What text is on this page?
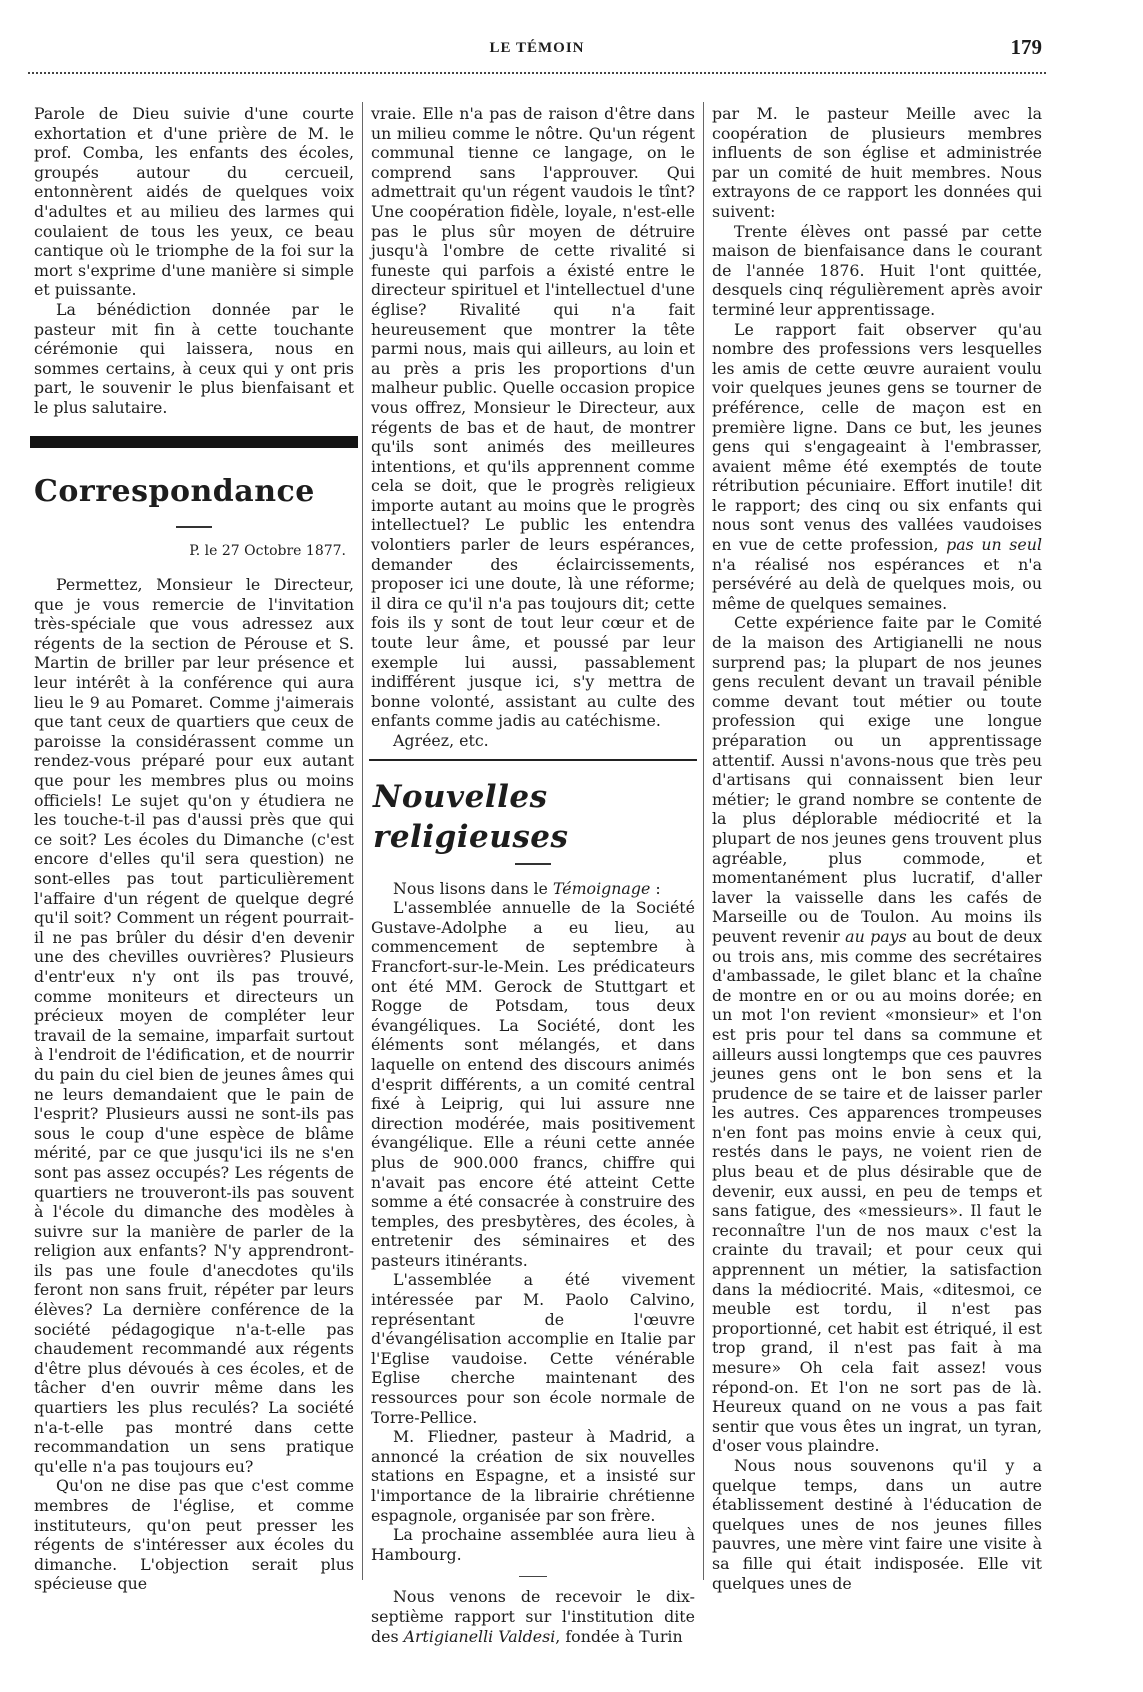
LE TÉMOIN	179

Parole de Dieu suivie d'une courte exhortation et d'une prière de M. le prof. Comba, les enfants des écoles, groupés autour du cercueil, entonnèrent aidés de quelques voix d'adultes et au milieu des larmes qui coulaient de tous les yeux, ce beau cantique où le triomphe de la foi sur la mort s'exprime d'une manière si simple et puissante.

La bénédiction donnée par le pasteur mit fin à cette touchante cérémonie qui laissera, nous en sommes certains, à ceux qui y ont pris part, le souvenir le plus bienfaisant et le plus salutaire.

Correspondance

P. le 27 Octobre 1877.

Permettez, Monsieur le Directeur, que je vous remercie de l'invitation très-spéciale que vous adressez aux régents de la section de Pérouse et S. Martin de briller par leur présence et leur intérêt à la conférence qui aura lieu le 9 au Pomaret. Comme j'aimerais que tant ceux de quartiers que ceux de paroisse la considérassent comme un rendez-vous préparé pour eux autant que pour les membres plus ou moins officiels! Le sujet qu'on y étudiera ne les touche-t-il pas d'aussi près que qui ce soit? Les écoles du Dimanche (c'est encore d'elles qu'il sera question) ne sont-elles pas tout particulièrement l'affaire d'un régent de quelque degré qu'il soit? Comment un régent pourrait-il ne pas brûler du désir d'en devenir une des chevilles ouvrières? Plusieurs d'entr'eux n'y ont ils pas trouvé, comme moniteurs et directeurs un précieux moyen de compléter leur travail de la semaine, imparfait surtout à l'endroit de l'édification, et de nourrir du pain du ciel bien de jeunes âmes qui ne leurs demandaient que le pain de l'esprit? Plusieurs aussi ne sont-ils pas sous le coup d'une espèce de blâme mérité, par ce que jusqu'ici ils ne s'en sont pas assez occupés? Les régents de quartiers ne trouveront-ils pas souvent à l'école du dimanche des modèles à suivre sur la manière de parler de la religion aux enfants? N'y apprendront-ils pas une foule d'anecdotes qu'ils feront non sans fruit, répéter par leurs élèves? La dernière conférence de la société pédagogique n'a-t-elle pas chaudement recommandé aux régents d'être plus dévoués à ces écoles, et de tâcher d'en ouvrir même dans les quartiers les plus reculés? La société n'a-t-elle pas montré dans cette recommandation un sens pratique qu'elle n'a pas toujours eu?

Qu'on ne dise pas que c'est comme membres de l'église, et comme instituteurs, qu'on peut presser les régents de s'intéresser aux écoles du dimanche. L'objection serait plus spécieuse que

vraie. Elle n'a pas de raison d'être dans un milieu comme le nôtre. Qu'un régent communal tienne ce langage, on le comprend sans l'approuver. Qui admettrait qu'un régent vaudois le tînt? Une coopération fidèle, loyale, n'est-elle pas le plus sûr moyen de détruire jusqu'à l'ombre de cette rivalité si funeste qui parfois a éxisté entre le directeur spirituel et l'intellectuel d'une église? Rivalité qui n'a fait heureusement que montrer la tête parmi nous, mais qui ailleurs, au loin et au près a pris les proportions d'un malheur public. Quelle occasion propice vous offrez, Monsieur le Directeur, aux régents de bas et de haut, de montrer qu'ils sont animés des meilleures intentions, et qu'ils apprennent comme cela se doit, que le progrès religieux importe autant au moins que le progrès intellectuel? Le public les entendra volontiers parler de leurs espérances, demander des éclaircissements, proposer ici une doute, là une réforme; il dira ce qu'il n'a pas toujours dit; cette fois ils y sont de tout leur cœur et de toute leur âme, et poussé par leur exemple lui aussi, passablement indifférent jusque ici, s'y mettra de bonne volonté, assistant au culte des enfants comme jadis au catéchisme.

Agréez, etc.

Nouvelles religieuses

Nous lisons dans le Témoignage :

L'assemblée annuelle de la Société Gustave-Adolphe a eu lieu, au commencement de septembre à Francfort-sur-le-Mein. Les prédicateurs ont été MM. Gerock de Stuttgart et Rogge de Potsdam, tous deux évangéliques. La Société, dont les éléments sont mélangés, et dans laquelle on entend des discours animés d'esprit différents, a un comité central fixé à Leiprig, qui lui assure nne direction modérée, mais positivement évangélique. Elle a réuni cette année plus de 900.000 francs, chiffre qui n'avait pas encore été atteint Cette somme a été consacrée à construire des temples, des presbytères, des écoles, à entretenir des séminaires et des pasteurs itinérants.

L'assemblée a été vivement intéressée par M. Paolo Calvino, représentant de l'œuvre d'évangélisation accomplie en Italie par l'Eglise vaudoise. Cette vénérable Eglise cherche maintenant des ressources pour son école normale de Torre-Pellice.

M. Fliedner, pasteur à Madrid, a annoncé la création de six nouvelles stations en Espagne, et a insisté sur l'importance de la librairie chrétienne espagnole, organisée par son frère.

La prochaine assemblée aura lieu à Hambourg.

Nous venons de recevoir le dix-septième rapport sur l'institution dite des Artigianelli Valdesi, fondée à Turin

par M. le pasteur Meille avec la coopération de plusieurs membres influents de son église et administrée par un comité de huit membres. Nous extrayons de ce rapport les données qui suivent:

Trente élèves ont passé par cette maison de bienfaisance dans le courant de l'année 1876. Huit l'ont quittée, desquels cinq régulièrement après avoir terminé leur apprentissage.

Le rapport fait observer qu'au nombre des professions vers lesquelles les amis de cette œuvre auraient voulu voir quelques jeunes gens se tourner de préférence, celle de maçon est en première ligne. Dans ce but, les jeunes gens qui s'engageaint à l'embrasser, avaient même été exemptés de toute rétribution pécuniaire. Effort inutile! dit le rapport; des cinq ou six enfants qui nous sont venus des vallées vaudoises en vue de cette profession, pas un seul n'a réalisé nos espérances et n'a persévéré au delà de quelques mois, ou même de quelques semaines.

Cette expérience faite par le Comité de la maison des Artigianelli ne nous surprend pas; la plupart de nos jeunes gens reculent devant un travail pénible comme devant tout métier ou toute profession qui exige une longue préparation ou un apprentissage attentif. Aussi n'avons-nous que très peu d'artisans qui connaissent bien leur métier; le grand nombre se contente de la plus déplorable médiocrité et la plupart de nos jeunes gens trouvent plus agréable, plus commode, et momentanément plus lucratif, d'aller laver la vaisselle dans les cafés de Marseille ou de Toulon. Au moins ils peuvent revenir au pays au bout de deux ou trois ans, mis comme des secrétaires d'ambassade, le gilet blanc et la chaîne de montre en or ou au moins dorée; en un mot l'on revient «monsieur» et l'on est pris pour tel dans sa commune et ailleurs aussi longtemps que ces pauvres jeunes gens ont le bon sens et la prudence de se taire et de laisser parler les autres. Ces apparences trompeuses n'en font pas moins envie à ceux qui, restés dans le pays, ne voient rien de plus beau et de plus désirable que de devenir, eux aussi, en peu de temps et sans fatigue, des «messieurs». Il faut le reconnaître l'un de nos maux c'est la crainte du travail; et pour ceux qui apprennent un métier, la satisfaction dans la médiocrité. Mais, «ditesmoi, ce meuble est tordu, il n'est pas proportionné, cet habit est étriqué, il est trop grand, il n'est pas fait à ma mesure» Oh cela fait assez! vous répond-on. Et l'on ne sort pas de là. Heureux quand on ne vous a pas fait sentir que vous êtes un ingrat, un tyran, d'oser vous plaindre.

Nous nous souvenons qu'il y a quelque temps, dans un autre établissement destiné à l'éducation de quelques unes de nos jeunes filles pauvres, une mère vint faire une visite à sa fille qui était indisposée. Elle vit quelques unes de
